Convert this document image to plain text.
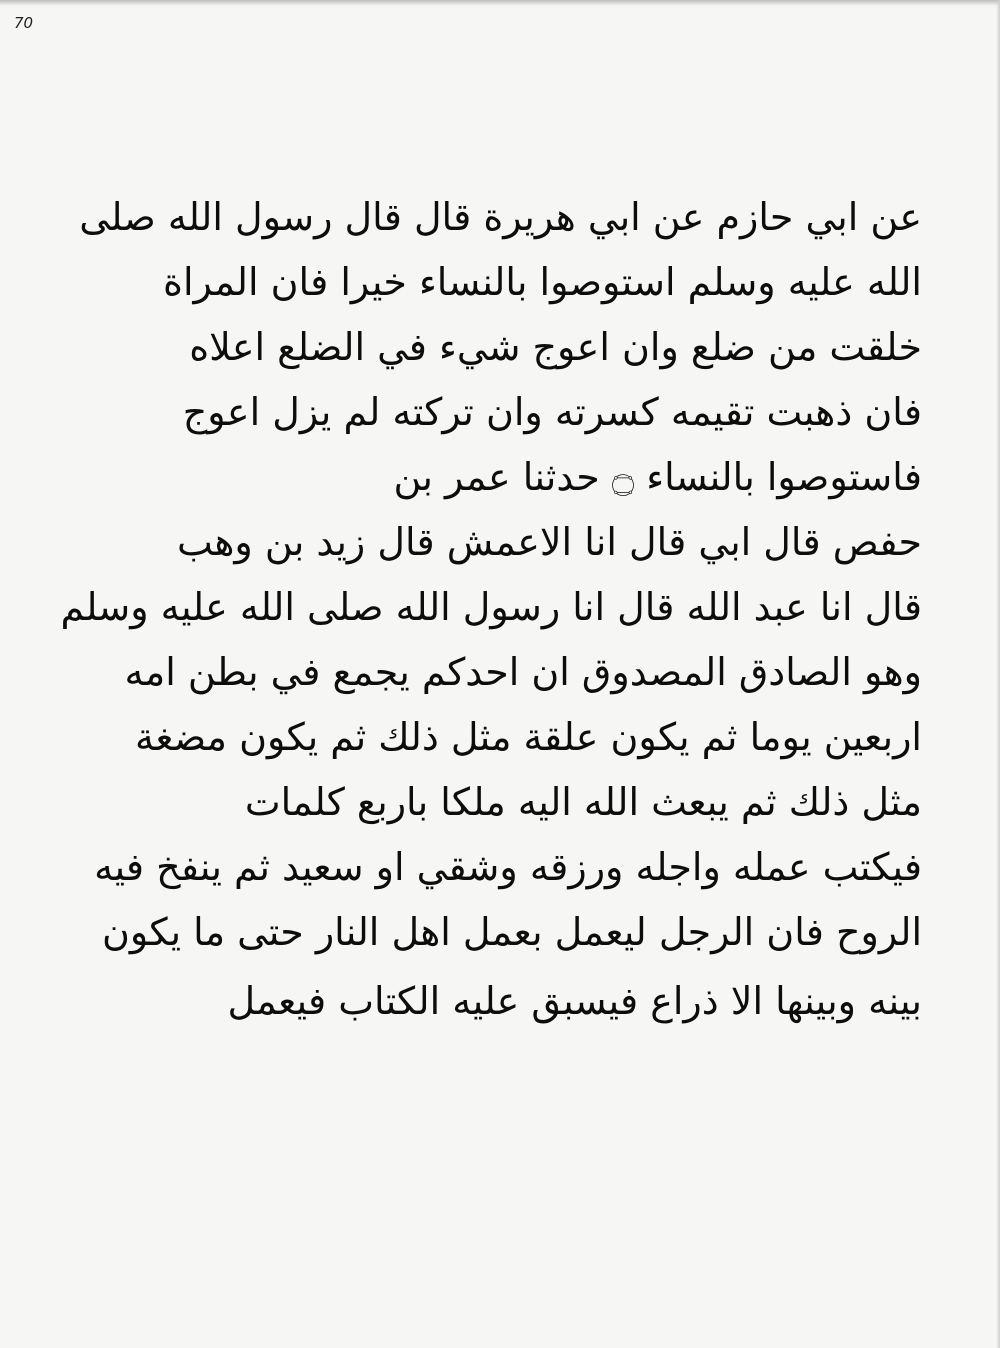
70
عن ابي حازم عن ابي هريرة قال قال رسول الله صلى
الله عليه وسلم استوصوا بالنساء خيرا فان المراة
خلقت من ضلع وان اعوج شيء في الضلع اعلاه
فان ذهبت تقيمه كسرته وان تركته لم يزل اعوج
فاستوصوا بالنساء ۝ حدثنا عمر بن
حفص قال ابي قال انا الاعمش قال زيد بن وهب
قال انا عبد الله قال انا رسول الله صلى الله عليه وسلم
وهو الصادق المصدوق ان احدكم يجمع في بطن امه
اربعين يوما ثم يكون علقة مثل ذلك ثم يكون مضغة
مثل ذلك ثم يبعث الله اليه ملكا باربع كلمات
فيكتب عمله واجله ورزقه وشقي او سعيد ثم ينفخ فيه
الروح فان الرجل ليعمل بعمل اهل النار حتى ما يكون
بينه وبينها الا ذراع فيسبق عليه الكتاب فيعمل
